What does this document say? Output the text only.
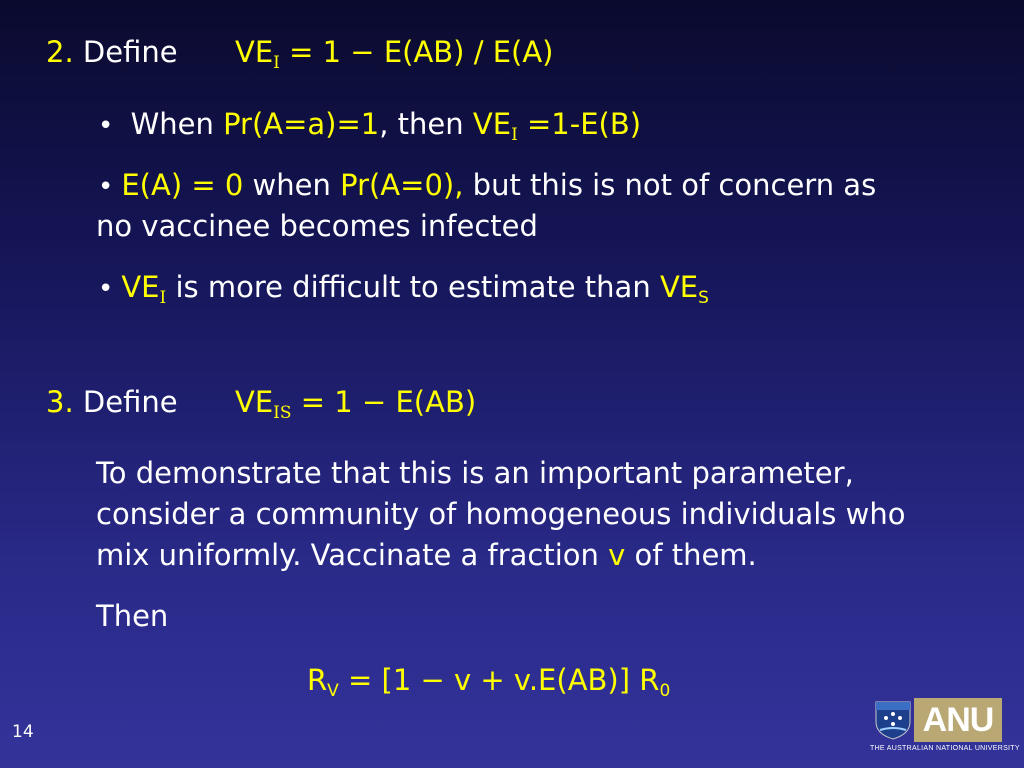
2. Define $VE_I = 1 - E(AB) / E(A)$
• When Pr(A=a)=1, then $VE_I =1-E(B)$
• E(A) = 0 when Pr(A=0), but this is not of concern as
no vaccinee becomes infected
• $VE_I$ is more difficult to estimate than $VE_S$
3. Define $VE_{IS} = 1 - E(AB)$
To demonstrate that this is an important parameter,
consider a community of homogeneous individuals who
mix uniformly. Vaccinate a fraction v of them.
Then
$R_V = [1 - v + v.E(AB)]$ $R_0$
14	ANU
THE AUSTRALIAN NATIONAL UNIVERSITY
